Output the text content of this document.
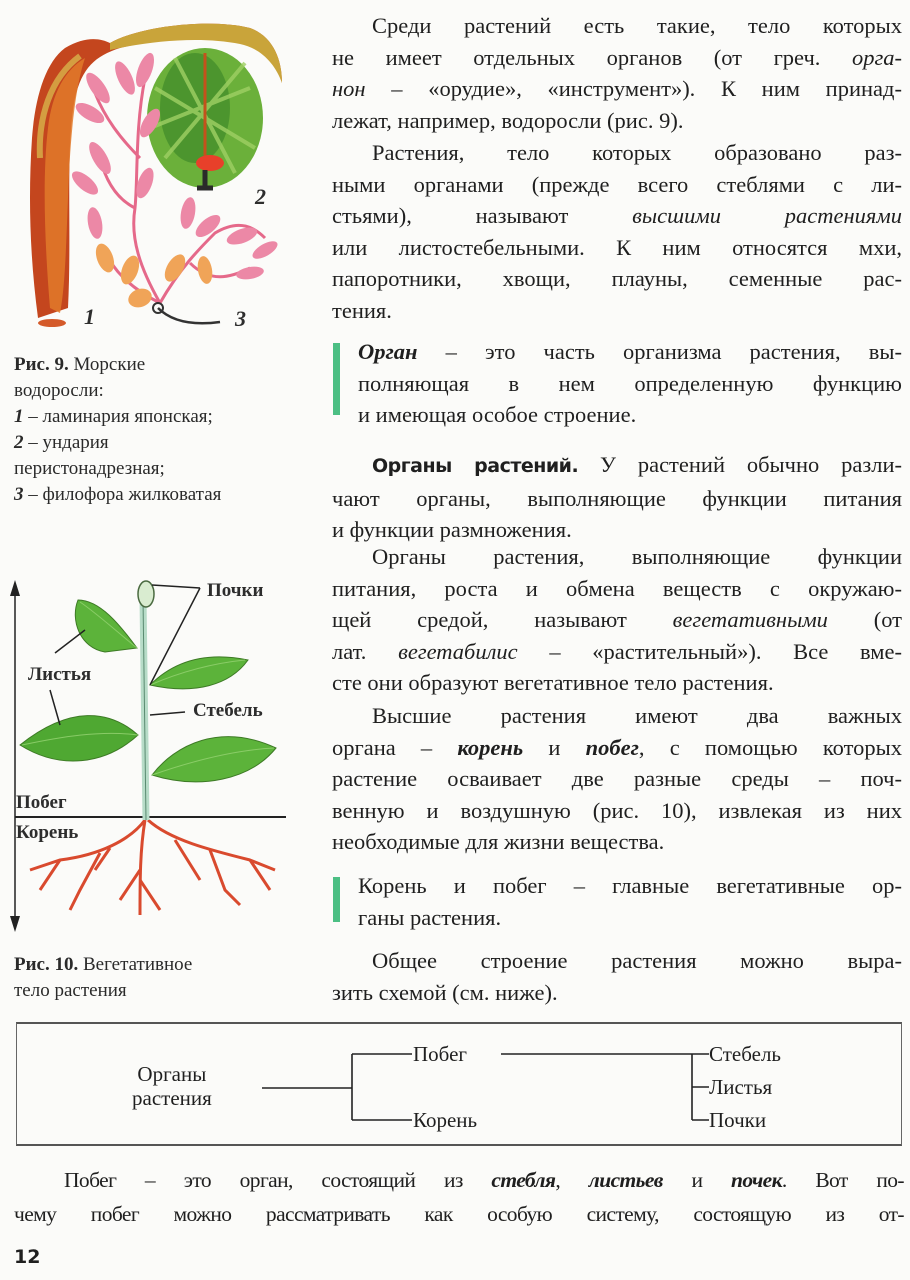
1
2
3
Рис. 9. Морские
водоросли:
1 – ламинария японская;
2 – ундария
перистонадрезная;
3 – филофора жилковатая
Почки
Листья
Стебель
Побег
Корень
Рис. 10. Вегетативное
тело растения
Среди растений есть такие, тело которых
не имеет отдельных органов (от греч. орга-
нон – «орудие», «инструмент»). К ним принад-
лежат, например, водоросли (рис. 9).
Растения, тело которых образовано раз-
ными органами (прежде всего стеблями с ли-
стьями), называют высшими растениями
или листостебельными. К ним относятся мхи,
папоротники, хвощи, плауны, семенные рас-
тения.
Орган – это часть организма растения, вы-
полняющая в нем определенную функцию
и имеющая особое строение.
Органы растений. У растений обычно разли-
чают органы, выполняющие функции питания
и функции размножения.
Органы растения, выполняющие функции
питания, роста и обмена веществ с окружаю-
щей средой, называют вегетативными (от
лат. вегетабилис – «растительный»). Все вме-
сте они образуют вегетативное тело растения.
Высшие растения имеют два важных
органа – корень и побег, с помощью которых
растение осваивает две разные среды – поч-
венную и воздушную (рис. 10), извлекая из них
необходимые для жизни вещества.
Корень и побег – главные вегетативные ор-
ганы растения.
Общее строение растения можно выра-
зить схемой (см. ниже).
Органы
растения
Побег
Корень
Стебель
Листья
Почки
Побег – это орган, состоящий из стебля, листьев и почек. Вот по-
чему побег можно рассматривать как особую систему, состоящую из от-
12
